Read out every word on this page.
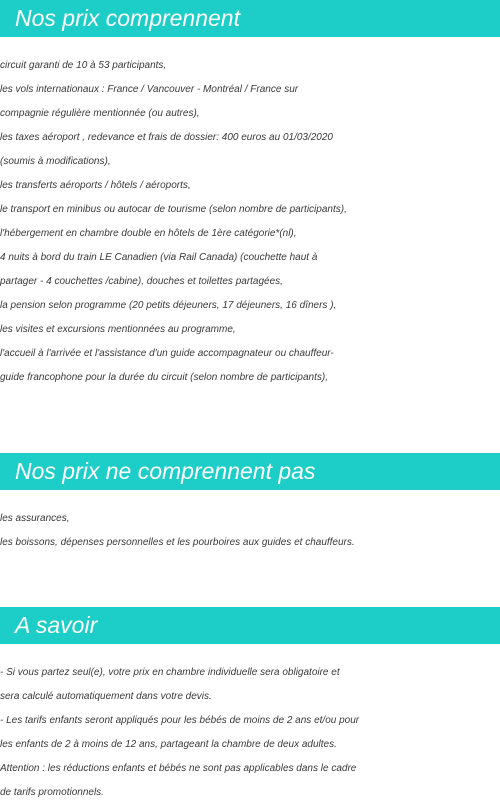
Nos prix comprennent
circuit garanti de 10 à 53 participants,
les vols internationaux : France / Vancouver - Montréal / France sur
compagnie régulière mentionnée (ou autres),
les taxes aéroport , redevance et frais de dossier: 400 euros au 01/03/2020
(soumis à modifications),
les transferts aéroports / hôtels / aéroports,
le transport en minibus ou autocar de tourisme (selon nombre de participants),
l'hébergement en chambre double en hôtels de 1ère catégorie*(nl),
4 nuits à bord du train LE Canadien (via Rail Canada) (couchette haut à
partager - 4 couchettes /cabine), douches et toilettes partagées,
la pension selon programme (20 petits déjeuners, 17 déjeuners, 16 dîners ),
les visites et excursions mentionnées au programme,
l'accueil à l'arrivée et l'assistance d'un guide accompagnateur ou chauffeur-
guide francophone pour la durée du circuit (selon nombre de participants),
Nos prix ne comprennent pas
les assurances,
les boissons, dépenses personnelles et les pourboires aux guides et chauffeurs.
A savoir
- Si vous partez seul(e), votre prix en chambre individuelle sera obligatoire et
sera calculé automatiquement dans votre devis.
- Les tarifs enfants seront appliqués pour les bébés de moins de 2 ans et/ou pour
les enfants de 2 à moins de 12 ans, partageant la chambre de deux adultes.
Attention : les réductions enfants et bébés ne sont pas applicables dans le cadre
de tarifs promotionnels.
